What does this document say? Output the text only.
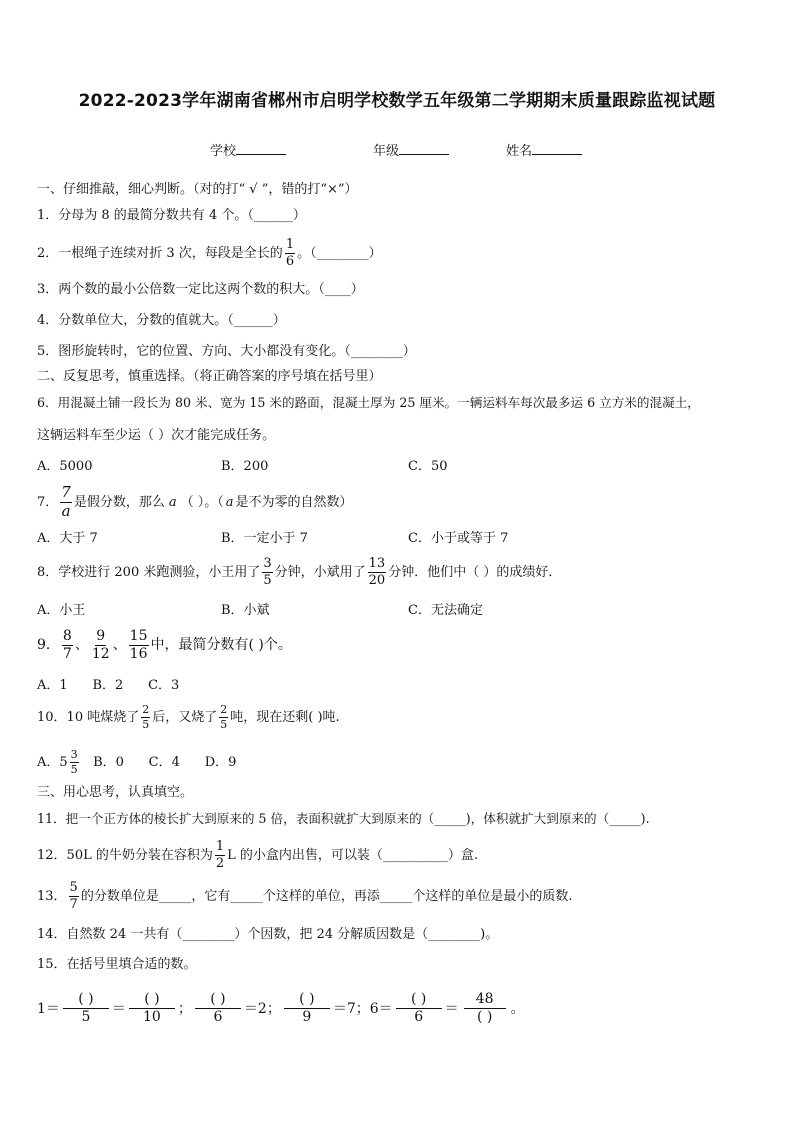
2022-2023学年湖南省郴州市启明学校数学五年级第二学期期末质量跟踪监视试题
学校	年级	姓名
一、仔细推敲，细心判断。（对的打“ √ ”，错的打“×”）
1．分母为 8 的最简分数共有 4 个。（______）
2．一根绳子连续对折 3 次，每段是全长的 $\frac{1}{6}$ 。（________）
3．两个数的最小公倍数一定比这两个数的积大。（____）
4．分数单位大，分数的值就大。（______）
5．图形旋转时，它的位置、方向、大小都没有变化。（________）
二、反复思考，慎重选择。（将正确答案的序号填在括号里）
6．用混凝土铺一段长为 80 米、宽为 15 米的路面，混凝土厚为 25 厘米。一辆运料车每次最多运 6 立方米的混凝土，
这辆运料车至少运（ ）次才能完成任务。
A．5000	B．200	C．50
7． $\frac{7}{a}$ 是假分数，那么 a （ ）。（ a 是不为零的自然数）
A．大于 7	B．一定小于 7	C．小于或等于 7
8．学校进行 200 米跑测验，小王用了 $\frac{3}{5}$ 分钟，小斌用了 $\frac{13}{20}$ 分钟．他们中（ ）的成绩好．
A．小王	B．小斌	C．无法确定
9． $\frac{8}{7}$ 、 $\frac{9}{12}$ 、 $\frac{15}{16}$ 中，最简分数有( )个。
A．1      B．2      C．3
10．10 吨煤烧了 $\frac{2}{5}$ 后，又烧了 $\frac{2}{5}$ 吨，现在还剩( )吨.
A．$5 \frac{3}{5}$ B．0      C．4      D．9
三、用心思考，认真填空。
11．把一个正方体的棱长扩大到原来的 5 倍，表面积就扩大到原来的（_____)，体积就扩大到原来的（_____).
12．50L 的牛奶分装在容积为 $\frac{1}{2}$ L 的小盒内出售，可以装（__________）盒.
13． $\frac{5}{7}$ 的分数单位是_____，它有_____个这样的单位，再添_____个这样的单位是最小的质数.
14．自然数 24 一共有（________）个因数，把 24 分解质因数是（________)。
15．在括号里填合适的数。
$1= \frac{( )}{5} = \frac{( )}{10}$ ； $\frac{( )}{6} =2$； $\frac{( )}{9} =7$；$6= \frac{( )}{6} = \frac{48}{( )}$ 。
